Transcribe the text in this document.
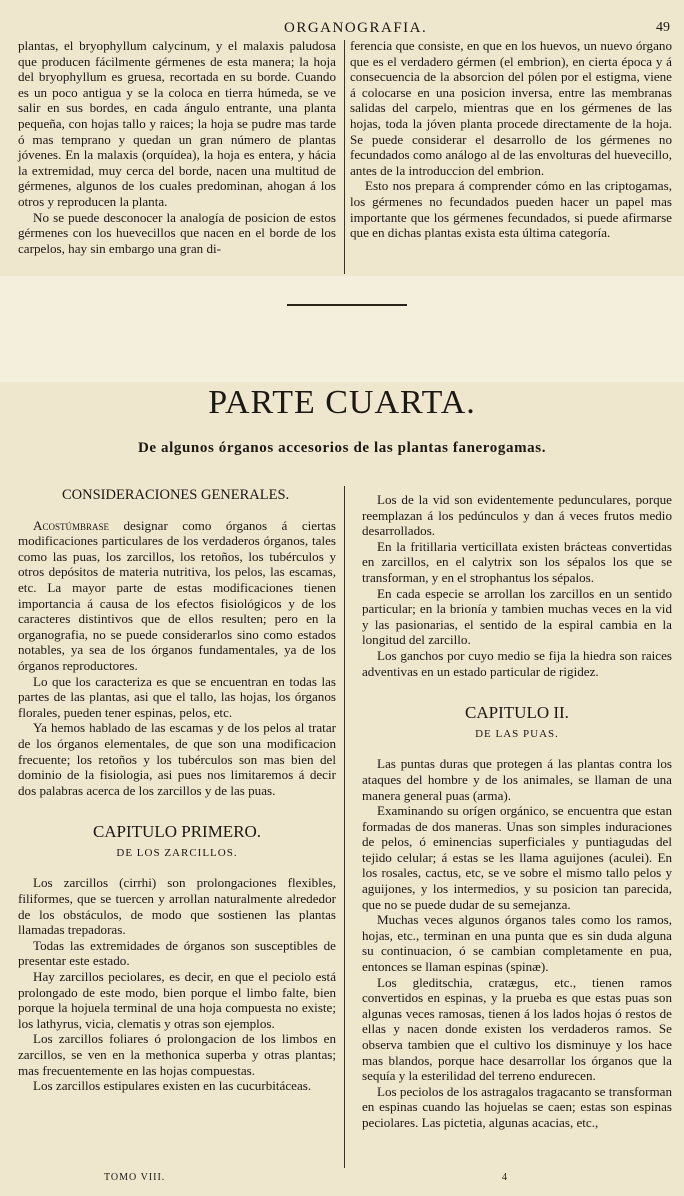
ORGANOGRAFIA.	49

plantas, el bryophyllum calycinum, y el malaxis paludosa que producen fácilmente gérmenes de esta manera; la hoja del bryophyllum es gruesa, recortada en su borde. Cuando es un poco antigua y se la coloca en tierra húmeda, se ve salir en sus bordes, en cada ángulo entrante, una planta pequeña, con hojas tallo y raices; la hoja se pudre mas tarde ó mas temprano y quedan un gran número de plantas jóvenes. En la malaxis (orquídea), la hoja es entera, y hácia la extremidad, muy cerca del borde, nacen una multitud de gérmenes, algunos de los cuales predominan, ahogan á los otros y reproducen la planta.

No se puede desconocer la analogía de posicion de estos gérmenes con los huevecillos que nacen en el borde de los carpelos, hay sin embargo una gran di-

ferencia que consiste, en que en los huevos, un nuevo órgano que es el verdadero gérmen (el embrion), en cierta época y á consecuencia de la absorcion del pólen por el estigma, viene á colocarse en una posicion inversa, entre las membranas salidas del carpelo, mientras que en los gérmenes de las hojas, toda la jóven planta procede directamente de la hoja. Se puede considerar el desarrollo de los gérmenes no fecundados como análogo al de las envolturas del huevecillo, antes de la introduccion del embrion.

Esto nos prepara á comprender cómo en las criptogamas, los gérmenes no fecundados pueden hacer un papel mas importante que los gérmenes fecundados, si puede afirmarse que en dichas plantas exista esta última categoría.

PARTE CUARTA.
De algunos órganos accesorios de las plantas fanerogamas.

CONSIDERACIONES GENERALES.

Acostúmbrase designar como órganos á ciertas modificaciones particulares de los verdaderos órganos, tales como las puas, los zarcillos, los retoños, los tubérculos y otros depósitos de materia nutritiva, los pelos, las escamas, etc. La mayor parte de estas modificaciones tienen importancia á causa de los efectos fisiológicos y de los caracteres distintivos que de ellos resulten; pero en la organografia, no se puede considerarlos sino como estados notables, ya sea de los órganos fundamentales, ya de los órganos reproductores.

Lo que los caracteriza es que se encuentran en todas las partes de las plantas, asi que el tallo, las hojas, los órganos florales, pueden tener espinas, pelos, etc.

Ya hemos hablado de las escamas y de los pelos al tratar de los órganos elementales, de que son una modificacion frecuente; los retoños y los tubérculos son mas bien del dominio de la fisiologia, asi pues nos limitaremos á decir dos palabras acerca de los zarcillos y de las puas.

CAPITULO PRIMERO.

DE LOS ZARCILLOS.

Los zarcillos (cirrhi) son prolongaciones flexibles, filiformes, que se tuercen y arrollan naturalmente alrededor de los obstáculos, de modo que sostienen las plantas llamadas trepadoras.

Todas las extremidades de órganos son susceptibles de presentar este estado.

Hay zarcillos peciolares, es decir, en que el peciolo está prolongado de este modo, bien porque el limbo falte, bien porque la hojuela terminal de una hoja compuesta no existe; los lathyrus, vicia, clematis y otras son ejemplos.

Los zarcillos foliares ó prolongacion de los limbos en zarcillos, se ven en la methonica superba y otras plantas; mas frecuentemente en las hojas compuestas.

Los zarcillos estipulares existen en las cucurbitáceas.

TOMO VIII.

Los de la vid son evidentemente pedunculares, porque reemplazan á los pedúnculos y dan á veces frutos medio desarrollados.

En la fritillaria verticillata existen brácteas convertidas en zarcillos, en el calytrix son los sépalos los que se transforman, y en el strophantus los sépalos.

En cada especie se arrollan los zarcillos en un sentido particular; en la brionía y tambien muchas veces en la vid y las pasionarias, el sentido de la espiral cambia en la longitud del zarcillo.

Los ganchos por cuyo medio se fija la hiedra son raices adventivas en un estado particular de rigidez.

CAPITULO II.

DE LAS PUAS.

Las puntas duras que protegen á las plantas contra los ataques del hombre y de los animales, se llaman de una manera general puas (arma).

Examinando su orígen orgánico, se encuentra que estan formadas de dos maneras. Unas son simples induraciones de pelos, ó eminencias superficiales y puntiagudas del tejido celular; á estas se les llama aguijones (aculei). En los rosales, cactus, etc, se ve sobre el mismo tallo pelos y aguijones, y los intermedios, y su posicion tan parecida, que no se puede dudar de su semejanza.

Muchas veces algunos órganos tales como los ramos, hojas, etc., terminan en una punta que es sin duda alguna su continuacion, ó se cambian completamente en pua, entonces se llaman espinas (spinæ).

Los gleditschia, cratægus, etc., tienen ramos convertidos en espinas, y la prueba es que estas puas son algunas veces ramosas, tienen á los lados hojas ó restos de ellas y nacen donde existen los verdaderos ramos. Se observa tambien que el cultivo los disminuye y los hace mas blandos, porque hace desarrollar los órganos que la sequía y la esterilidad del terreno endurecen.

Los peciolos de los astragalos tragacanto se transforman en espinas cuando las hojuelas se caen; estas son espinas peciolares. Las pictetia, algunas acacias, etc.,

4
